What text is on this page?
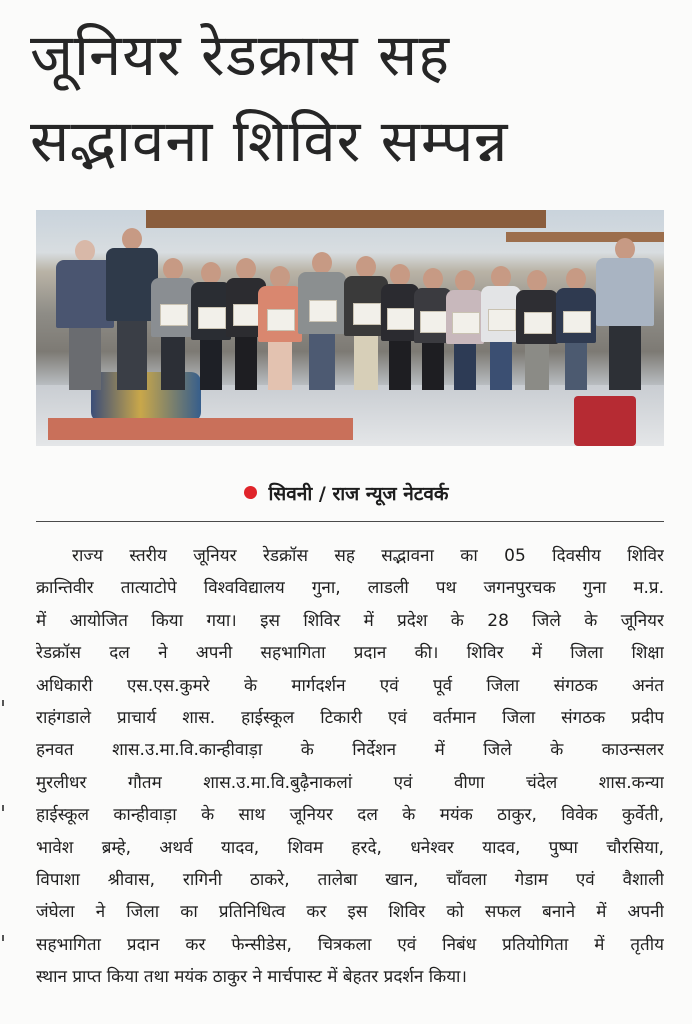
जूनियर रेडक्रास सह
सद्भावना शिविर सम्पन्न
सिवनी / राज न्यूज नेटवर्क
राज्य स्तरीय जूनियर रेडक्रॉस सह सद्भावना का 05 दिवसीय शिविर
क्रान्तिवीर तात्याटोपे विश्वविद्यालय गुना, लाडली पथ जगनपुरचक गुना म.प्र.
में आयोजित किया गया। इस शिविर में प्रदेश के 28 जिले के जूनियर
रेडक्रॉस दल ने अपनी सहभागिता प्रदान की। शिविर में जिला शिक्षा
अधिकारी एस.एस.कुमरे के मार्गदर्शन एवं पूर्व जिला संगठक अनंत
राहंगडाले प्राचार्य शास. हाईस्कूल टिकारी एवं वर्तमान जिला संगठक प्रदीप
हनवत शास.उ.मा.वि.कान्हीवाड़ा के निर्देशन में जिले के काउन्सलर
मुरलीधर गौतम शास.उ.मा.वि.बुढ़ैनाकलां एवं वीणा चंदेल शास.कन्या
हाईस्कूल कान्हीवाड़ा के साथ जूनियर दल के मयंक ठाकुर, विवेक कुर्वेती,
भावेश ब्रम्हे, अथर्व यादव, शिवम हरदे, धनेश्वर यादव, पुष्पा चौरसिया,
विपाशा श्रीवास, रागिनी ठाकरे, तालेबा खान, चाँवला गेडाम एवं वैशाली
जंघेला ने जिला का प्रतिनिधित्व कर इस शिविर को सफल बनाने में अपनी
सहभागिता प्रदान कर फेन्सीडेस, चित्रकला एवं निबंध प्रतियोगिता में तृतीय
स्थान प्राप्त किया तथा मयंक ठाकुर ने मार्चपास्ट में बेहतर प्रदर्शन किया।
